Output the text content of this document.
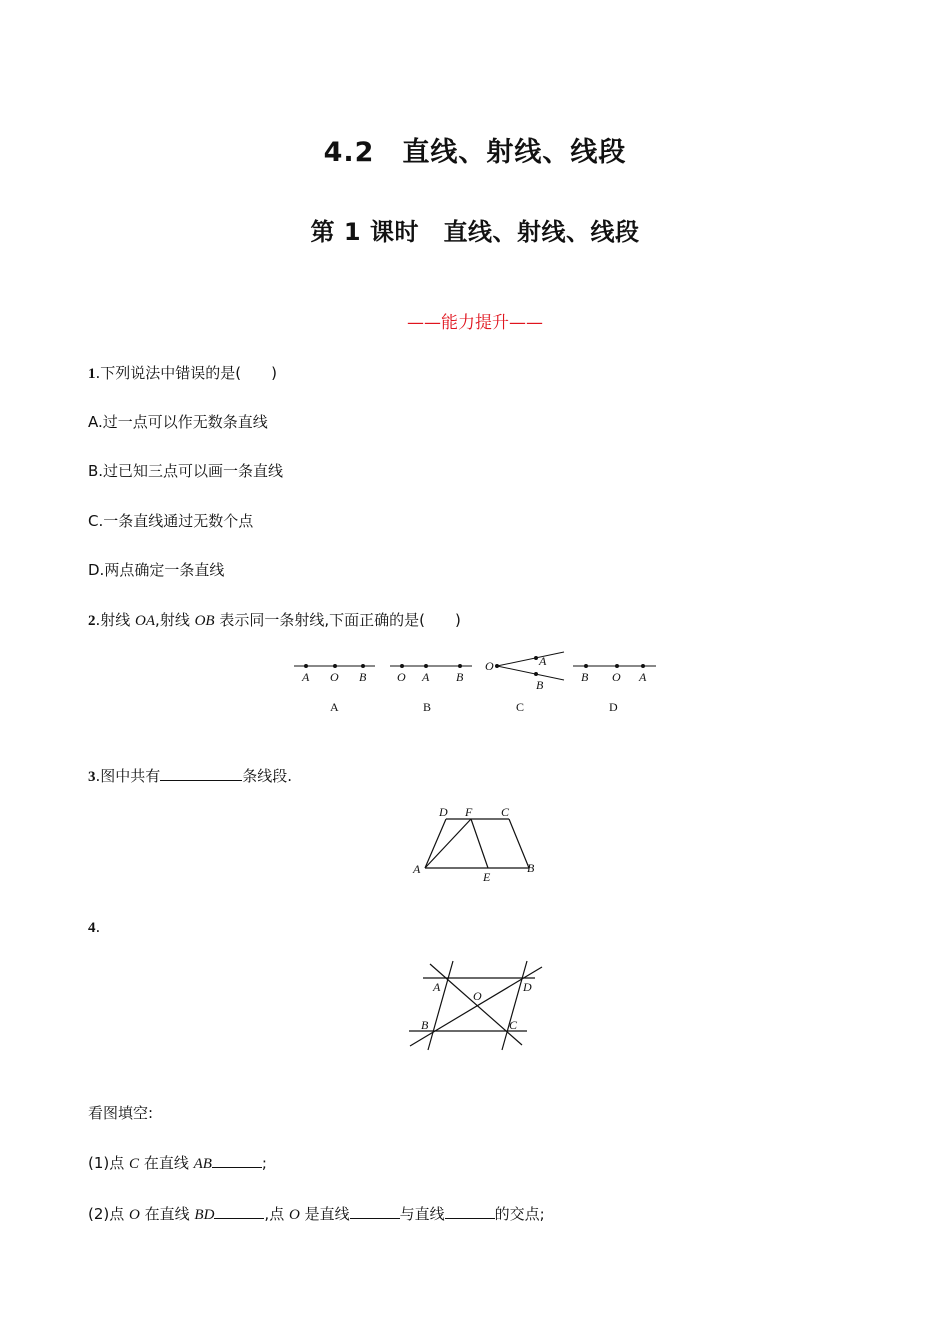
4.2　直线、射线、线段
第 1 课时　直线、射线、线段
——能力提升——
1.下列说法中错误的是(　　)
A.过一点可以作无数条直线
B.过已知三点可以画一条直线
C.一条直线通过无数个点
D.两点确定一条直线
2.射线 OA,射线 OB 表示同一条射线,下面正确的是(　　)
A O B
A
O A B
B
O	A
B
C
B O A
D
3.图中共有	条线段.
D F C
A
E
B
4.
A	D
O
B	C
看图填空:
(1)点 C 在直线 AB	;
(2)点 O 在直线 BD	,点 O 是直线	与直线	的交点;
